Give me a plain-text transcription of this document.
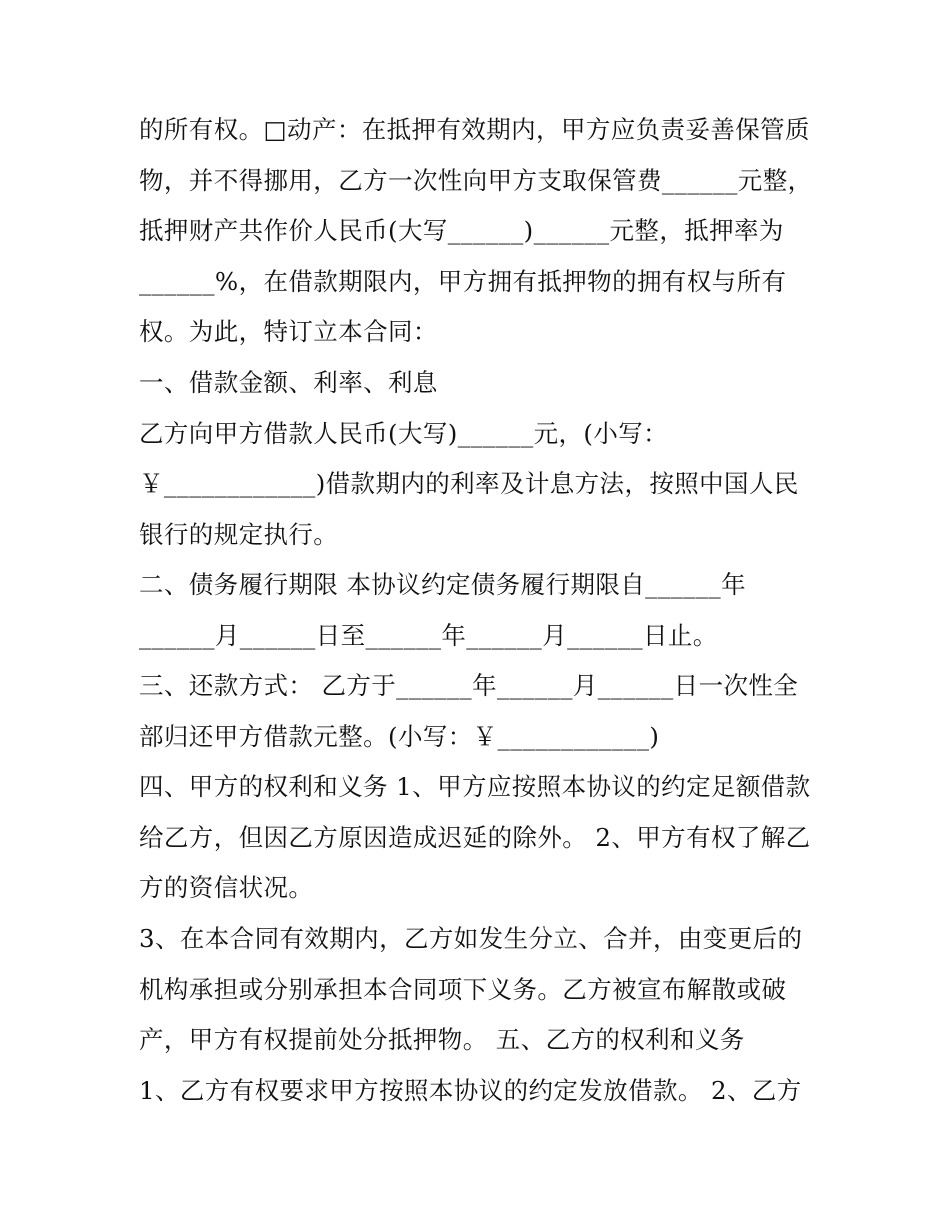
的所有权。□动产：在抵押有效期内，甲方应负责妥善保管质
物，并不得挪用，乙方一次性向甲方支取保管费______元整，
抵押财产共作价人民币(大写______)______元整，抵押率为
______%，在借款期限内，甲方拥有抵押物的拥有权与所有
权。为此，特订立本合同：
一、借款金额、利率、利息
乙方向甲方借款人民币(大写)______元，(小写：
￥____________)借款期内的利率及计息方法，按照中国人民
银行的规定执行。
二、债务履行期限 本协议约定债务履行期限自______年
______月______日至______年______月______日止。
三、还款方式： 乙方于______年______月______日一次性全
部归还甲方借款元整。(小写：￥____________)
四、甲方的权利和义务 1、甲方应按照本协议的约定足额借款
给乙方，但因乙方原因造成迟延的除外。 2、甲方有权了解乙
方的资信状况。
3、在本合同有效期内，乙方如发生分立、合并，由变更后的
机构承担或分别承担本合同项下义务。乙方被宣布解散或破
产，甲方有权提前处分抵押物。 五、乙方的权利和义务
1、乙方有权要求甲方按照本协议的约定发放借款。 2、乙方
